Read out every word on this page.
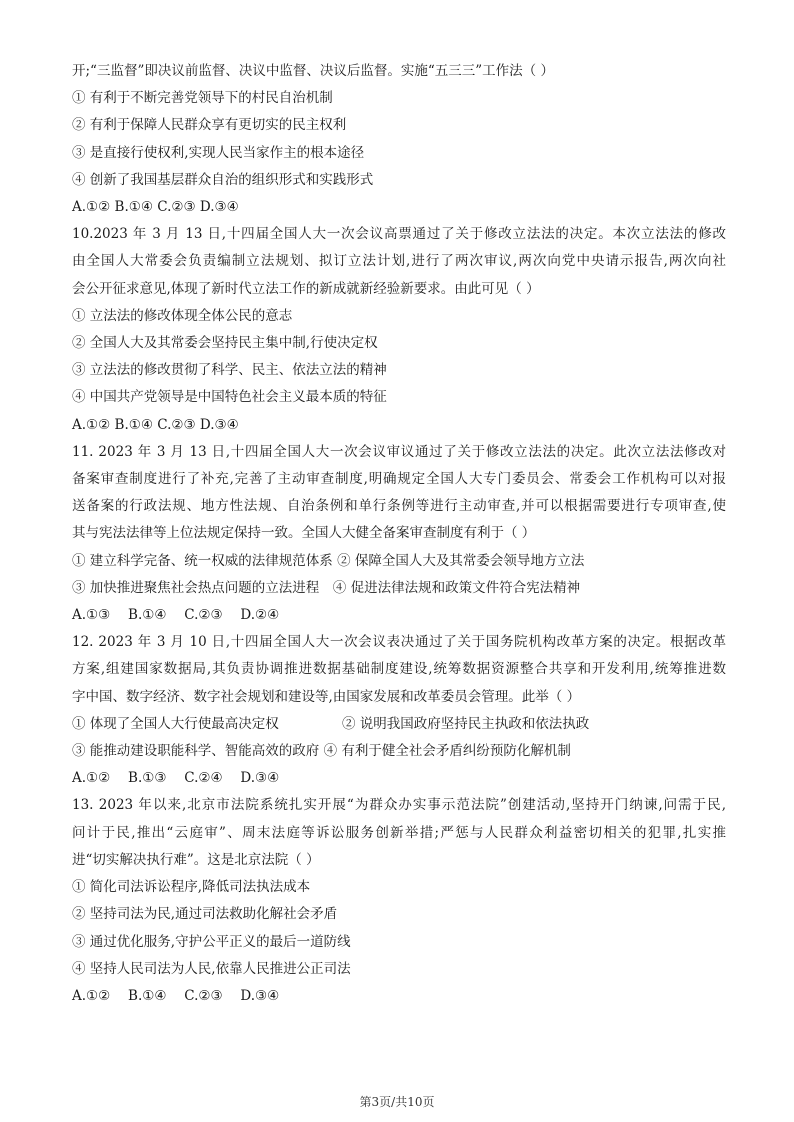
开;“三监督”即决议前监督、决议中监督、决议后监督。实施“五三三”工作法（ ）
① 有利于不断完善党领导下的村民自治机制
② 有利于保障人民群众享有更切实的民主权利
③ 是直接行使权利,实现人民当家作主的根本途径
④ 创新了我国基层群众自治的组织形式和实践形式
A.①② B.①④ C.②③ D.③④
10.2023 年 3 月 13 日,十四届全国人大一次会议高票通过了关于修改立法法的决定。本次立法法的修改
由全国人大常委会负责编制立法规划、拟订立法计划,进行了两次审议,两次向党中央请示报告,两次向社
会公开征求意见,体现了新时代立法工作的新成就新经验新要求。由此可见（ ）
① 立法法的修改体现全体公民的意志
② 全国人大及其常委会坚持民主集中制,行使决定权
③ 立法法的修改贯彻了科学、民主、依法立法的精神
④ 中国共产党领导是中国特色社会主义最本质的特征
A.①② B.①④ C.②③ D.③④
11. 2023 年 3 月 13 日,十四届全国人大一次会议审议通过了关于修改立法法的决定。此次立法法修改对
备案审查制度进行了补充,完善了主动审查制度,明确规定全国人大专门委员会、常委会工作机构可以对报
送备案的行政法规、地方性法规、自治条例和单行条例等进行主动审查,并可以根据需要进行专项审查,使
其与宪法法律等上位法规定保持一致。全国人大健全备案审查制度有利于（ ）
① 建立科学完备、统一权威的法律规范体系 ② 保障全国人大及其常委会领导地方立法
③ 加快推进聚焦社会热点问题的立法进程　④ 促进法律法规和政策文件符合宪法精神
A.①③　 B.①④　 C.②③　 D.②④
12. 2023 年 3 月 10 日,十四届全国人大一次会议表决通过了关于国务院机构改革方案的决定。根据改革
方案,组建国家数据局,其负责协调推进数据基础制度建设,统筹数据资源整合共享和开发利用,统筹推进数
字中国、数字经济、数字社会规划和建设等,由国家发展和改革委员会管理。此举（ ）
① 体现了全国人大行使最高决定权	② 说明我国政府坚持民主执政和依法执政
③ 能推动建设职能科学、智能高效的政府 ④ 有利于健全社会矛盾纠纷预防化解机制
A.①②　 B.①③　 C.②④　 D.③④
13. 2023 年以来,北京市法院系统扎实开展“为群众办实事示范法院”创建活动,坚持开门纳谏,问需于民,
问计于民,推出“云庭审”、周末法庭等诉讼服务创新举措;严惩与人民群众利益密切相关的犯罪,扎实推
进“切实解决执行难”。这是北京法院（ ）
① 简化司法诉讼程序,降低司法执法成本
② 坚持司法为民,通过司法救助化解社会矛盾
③ 通过优化服务,守护公平正义的最后一道防线
④ 坚持人民司法为人民,依靠人民推进公正司法
A.①②　 B.①④　 C.②③　 D.③④
第3页/共10页
